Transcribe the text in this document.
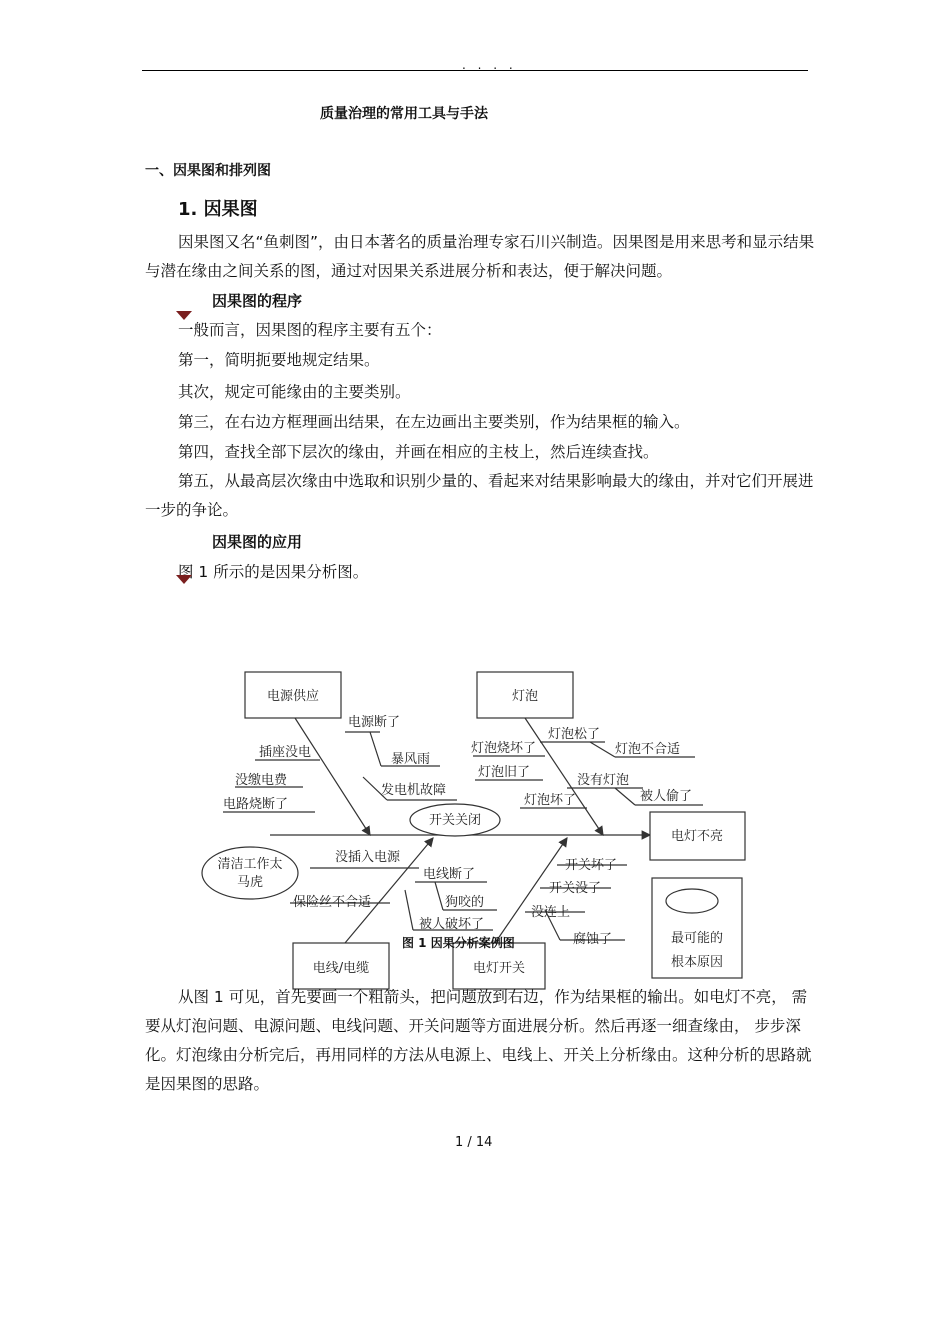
. . . .
质量治理的常用工具与手法
一、因果图和排列图
1. 因果图
因果图又名“鱼刺图”，由日本著名的质量治理专家石川兴制造。因果图是用来思考和显示结果与潜在缘由之间关系的图，通过对因果关系进展分析和表达，便于解决问题。
因果图的程序
一般而言，因果图的程序主要有五个：
第一，简明扼要地规定结果。
其次，规定可能缘由的主要类别。
第三，在右边方框理画出结果，在左边画出主要类别，作为结果框的输入。
第四，查找全部下层次的缘由，并画在相应的主枝上，然后连续查找。
第五，从最高层次缘由中选取和识别少量的、看起来对结果影响最大的缘由，并对它们开展进一步的争论。
因果图的应用
图 1 所示的是因果分析图。
电源供应	灯泡
电线/电缆	电灯开关
电灯不亮
电源断了
暴风雨
发电机故障
插座没电
没缴电费
电路烧断了
灯泡松了
灯泡不合适
灯泡烧坏了
灯泡旧了
没有灯泡
被人偷了
灯泡坏了
没插入电源
电线断了
狗咬的
被人破坏了
保险丝不合适
开关坏了
开关没了
没连上
腐蚀了
开关关闭
清洁工作太
马虎
最可能的
根本原因
图 1 因果分析案例图
从图 1 可见，首先要画一个粗箭头，把问题放到右边，作为结果框的输出。如电灯不亮， 需要从灯泡问题、电源问题、电线问题、开关问题等方面进展分析。然后再逐一细查缘由， 步步深化。灯泡缘由分析完后，再用同样的方法从电源上、电线上、开关上分析缘由。这种分析的思路就是因果图的思路。
1 / 14
